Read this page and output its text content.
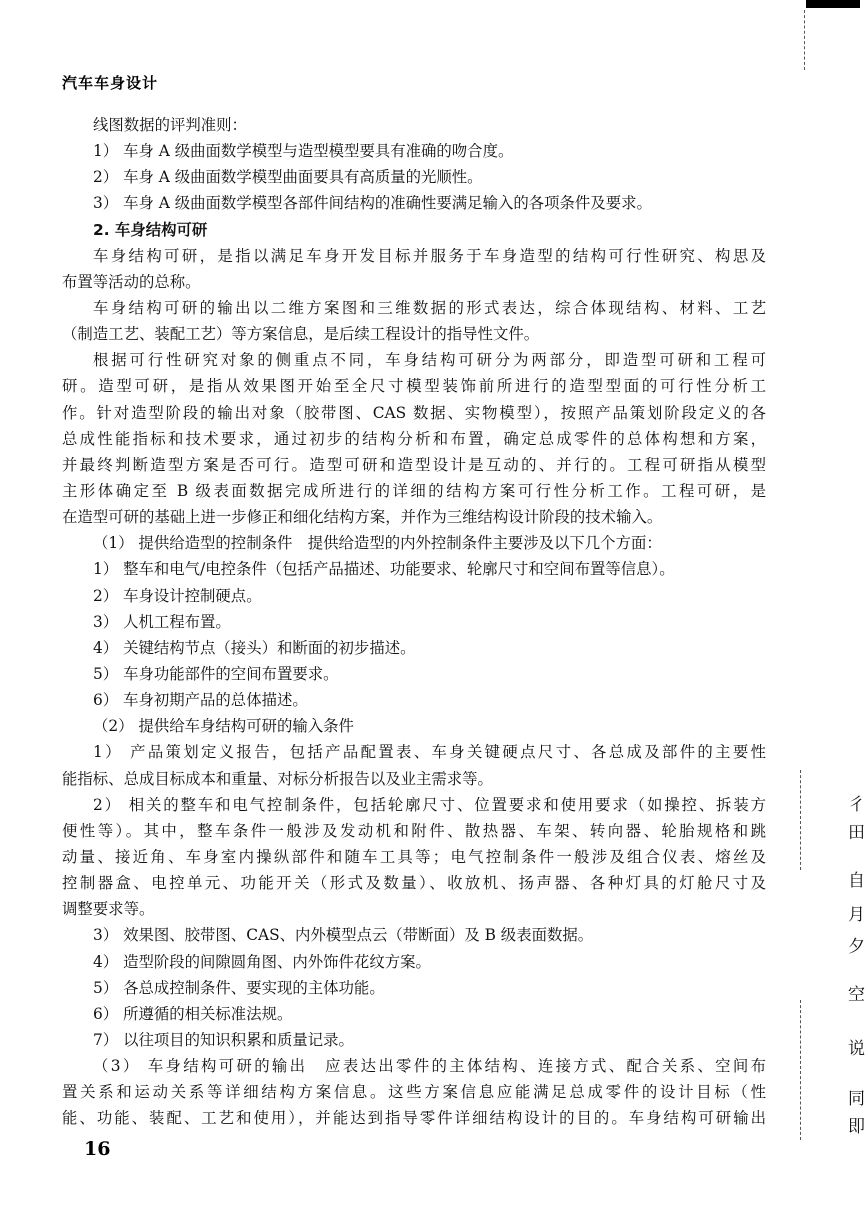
汽车车身设计
线图数据的评判准则：
1） 车身 A 级曲面数学模型与造型模型要具有准确的吻合度。
2） 车身 A 级曲面数学模型曲面要具有高质量的光顺性。
3） 车身 A 级曲面数学模型各部件间结构的准确性要满足输入的各项条件及要求。
2. 车身结构可研
车身结构可研，是指以满足车身开发目标并服务于车身造型的结构可行性研究、构思及
布置等活动的总称。
车身结构可研的输出以二维方案图和三维数据的形式表达，综合体现结构、材料、工艺
（制造工艺、装配工艺）等方案信息，是后续工程设计的指导性文件。
根据可行性研究对象的侧重点不同，车身结构可研分为两部分，即造型可研和工程可
研。造型可研，是指从效果图开始至全尺寸模型装饰前所进行的造型型面的可行性分析工
作。针对造型阶段的输出对象（胶带图、CAS 数据、实物模型），按照产品策划阶段定义的各
总成性能指标和技术要求，通过初步的结构分析和布置，确定总成零件的总体构想和方案，
并最终判断造型方案是否可行。造型可研和造型设计是互动的、并行的。工程可研指从模型
主形体确定至 B 级表面数据完成所进行的详细的结构方案可行性分析工作。工程可研，是
在造型可研的基础上进一步修正和细化结构方案，并作为三维结构设计阶段的技术输入。
（1） 提供给造型的控制条件　提供给造型的内外控制条件主要涉及以下几个方面：
1） 整车和电气/电控条件（包括产品描述、功能要求、轮廓尺寸和空间布置等信息）。
2） 车身设计控制硬点。
3） 人机工程布置。
4） 关键结构节点（接头）和断面的初步描述。
5） 车身功能部件的空间布置要求。
6） 车身初期产品的总体描述。
（2） 提供给车身结构可研的输入条件
1） 产品策划定义报告，包括产品配置表、车身关键硬点尺寸、各总成及部件的主要性
能指标、总成目标成本和重量、对标分析报告以及业主需求等。
2） 相关的整车和电气控制条件，包括轮廓尺寸、位置要求和使用要求（如操控、拆装方
便性等）。其中，整车条件一般涉及发动机和附件、散热器、车架、转向器、轮胎规格和跳
动量、接近角、车身室内操纵部件和随车工具等；电气控制条件一般涉及组合仪表、熔丝及
控制器盒、电控单元、功能开关（形式及数量）、收放机、扬声器、各种灯具的灯舱尺寸及
调整要求等。
3） 效果图、胶带图、CAS、内外模型点云（带断面）及 B 级表面数据。
4） 造型阶段的间隙圆角图、内外饰件花纹方案。
5） 各总成控制条件、要实现的主体功能。
6） 所遵循的相关标准法规。
7） 以往项目的知识积累和质量记录。
（3） 车身结构可研的输出　应表达出零件的主体结构、连接方式、配合关系、空间布
置关系和运动关系等详细结构方案信息。这些方案信息应能满足总成零件的设计目标（性
能、功能、装配、工艺和使用），并能达到指导零件详细结构设计的目的。车身结构可研输出
16
彳
田
自
月
夕
空
说
同
即
